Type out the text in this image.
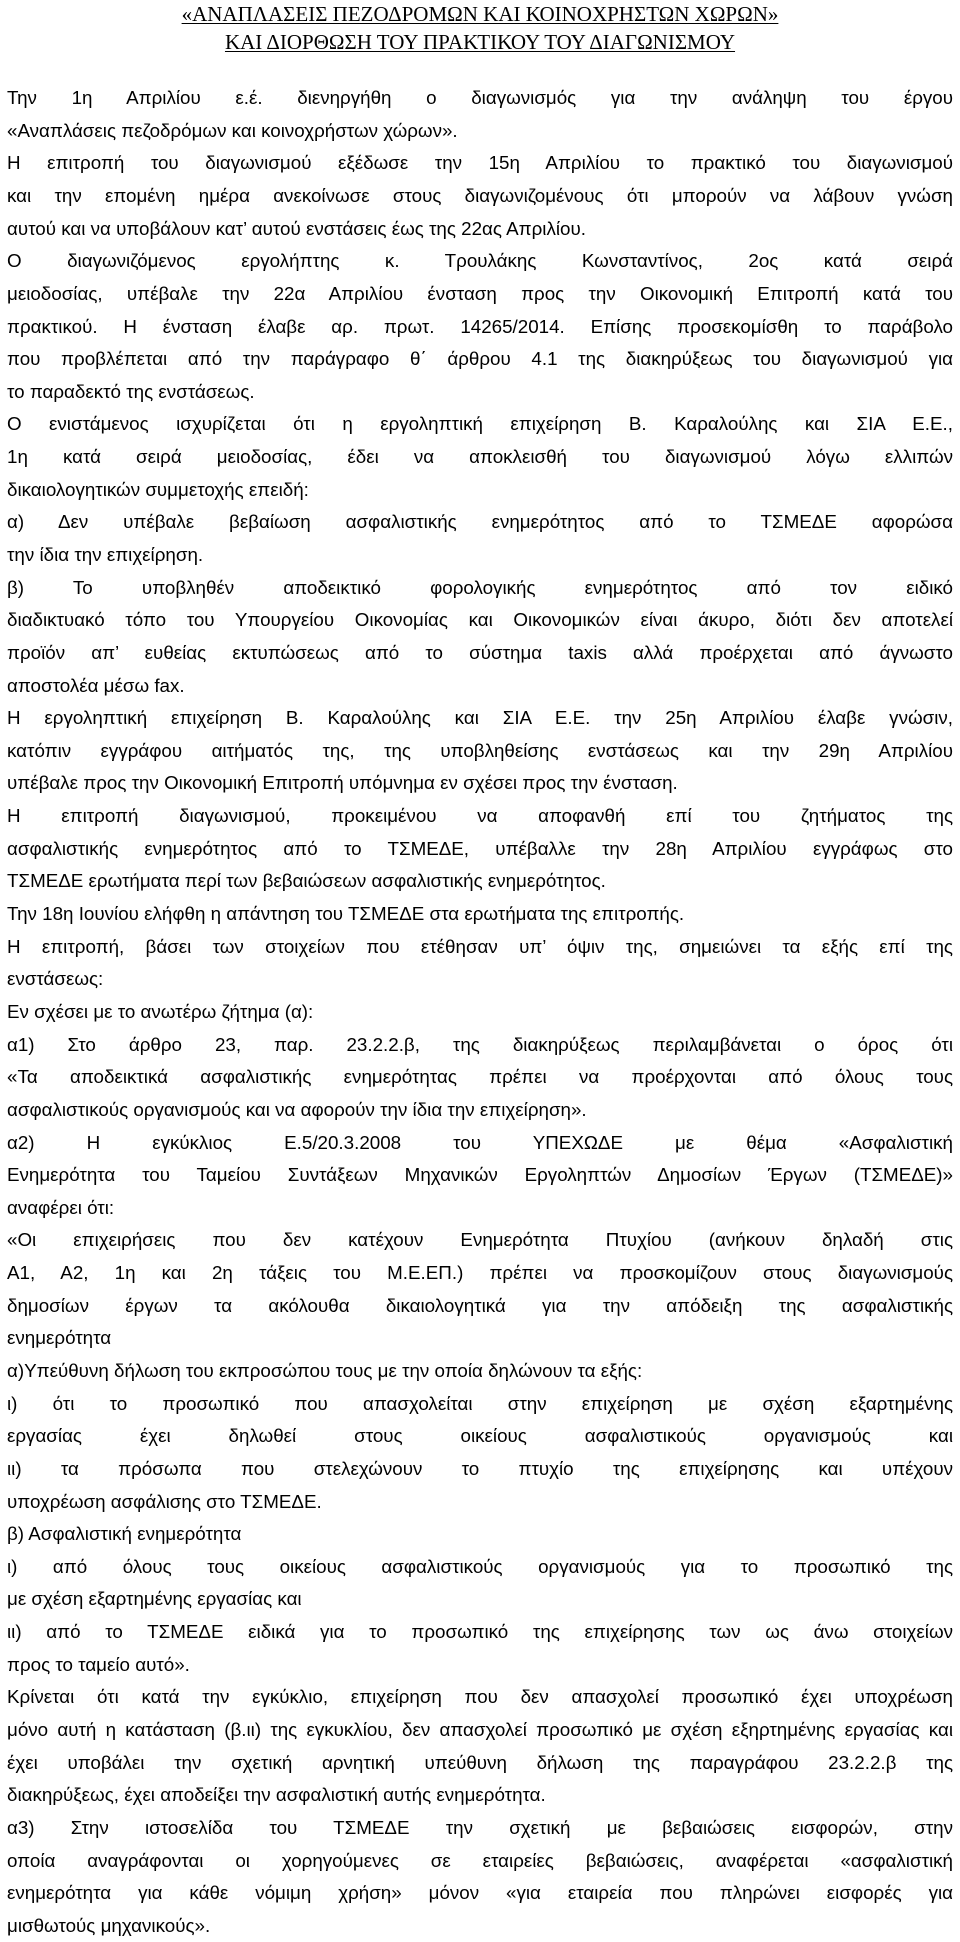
«ΑΝΑΠΛΑΣΕΙΣ ΠΕΖΟΔΡΟΜΩΝ ΚΑΙ ΚΟΙΝΟΧΡΗΣΤΩΝ ΧΩΡΩΝ»
ΚΑΙ ΔΙΟΡΘΩΣΗ ΤΟΥ ΠΡΑΚΤΙΚΟΥ ΤΟΥ ΔΙΑΓΩΝΙΣΜΟΥ
Την 1η Απριλίου ε.έ. διενηργήθη ο διαγωνισμός για την ανάληψη του έργου
«Αναπλάσεις πεζοδρόμων και κοινοχρήστων χώρων».
Η επιτροπή του διαγωνισμού εξέδωσε την 15η Απριλίου το πρακτικό του διαγωνισμού
και την επομένη ημέρα ανεκοίνωσε στους διαγωνιζομένους ότι μπορούν να λάβουν γνώση
αυτού και να υποβάλουν κατ’ αυτού ενστάσεις έως της 22ας Απριλίου.
Ο διαγωνιζόμενος εργολήπτης κ. Τρουλάκης Κωνσταντίνος, 2ος κατά σειρά
μειοδοσίας, υπέβαλε την 22α Απριλίου ένσταση προς την Οικονομική Επιτροπή κατά του
πρακτικού. Η ένσταση έλαβε αρ. πρωτ. 14265/2014. Επίσης προσεκομίσθη το παράβολο
που προβλέπεται από την παράγραφο θ΄ άρθρου 4.1 της διακηρύξεως του διαγωνισμού για
το παραδεκτό της ενστάσεως.
Ο ενιστάμενος ισχυρίζεται ότι η εργοληπτική επιχείρηση Β. Καραλούλης και ΣΙΑ Ε.Ε.,
1η κατά σειρά μειοδοσίας, έδει να αποκλεισθή του διαγωνισμού λόγω ελλιπών
δικαιολογητικών συμμετοχής επειδή:
α) Δεν υπέβαλε βεβαίωση ασφαλιστικής ενημερότητος από το ΤΣΜΕΔΕ αφορώσα
την ίδια την επιχείρηση.
β) Το υποβληθέν αποδεικτικό φορολογικής ενημερότητος από τον ειδικό
διαδικτυακό τόπο του Υπουργείου Οικονομίας και Οικονομικών είναι άκυρο, διότι δεν αποτελεί
προϊόν απ’ ευθείας εκτυπώσεως από το σύστημα taxis αλλά προέρχεται από άγνωστο
αποστολέα μέσω fax.
Η εργοληπτική επιχείρηση Β. Καραλούλης και ΣΙΑ Ε.Ε. την 25η Απριλίου έλαβε γνώσιν,
κατόπιν εγγράφου αιτήματός της, της υποβληθείσης ενστάσεως και την 29η Απριλίου
υπέβαλε προς την Οικονομική Επιτροπή υπόμνημα εν σχέσει προς την ένσταση.
Η επιτροπή διαγωνισμού, προκειμένου να αποφανθή επί του ζητήματος της
ασφαλιστικής ενημερότητος από το ΤΣΜΕΔΕ, υπέβαλλε την 28η Απριλίου εγγράφως στο
ΤΣΜΕΔΕ ερωτήματα περί των βεβαιώσεων ασφαλιστικής ενημερότητος.
Την 18η Ιουνίου ελήφθη η απάντηση του ΤΣΜΕΔΕ στα ερωτήματα της επιτροπής.
Η επιτροπή, βάσει των στοιχείων που ετέθησαν υπ’ όψιν της, σημειώνει τα εξής επί της
ενστάσεως:
Εν σχέσει με το ανωτέρω ζήτημα (α):
α1) Στο άρθρο 23, παρ. 23.2.2.β, της διακηρύξεως περιλαμβάνεται ο όρος ότι
«Τα αποδεικτικά ασφαλιστικής ενημερότητας πρέπει να προέρχονται από όλους τους
ασφαλιστικούς οργανισμούς και να αφορούν την ίδια την επιχείρηση».
α2) Η εγκύκλιος Ε.5/20.3.2008 του ΥΠΕΧΩΔΕ με θέμα «Ασφαλιστική
Ενημερότητα του Ταμείου Συντάξεων Μηχανικών Εργοληπτών Δημοσίων Έργων (ΤΣΜΕΔΕ)»
αναφέρει ότι:
«Οι επιχειρήσεις που δεν κατέχουν Ενημερότητα Πτυχίου (ανήκουν δηλαδή στις
Α1, Α2, 1η και 2η τάξεις του Μ.Ε.ΕΠ.) πρέπει να προσκομίζουν στους διαγωνισμούς
δημοσίων έργων τα ακόλουθα δικαιολογητικά για την απόδειξη της ασφαλιστικής
ενημερότητα
α)Υπεύθυνη δήλωση του εκπροσώπου τους με την οποία δηλώνουν τα εξής:
ι) ότι το προσωπικό που απασχολείται στην επιχείρηση με σχέση εξαρτημένης
εργασίας έχει δηλωθεί στους οικείους ασφαλιστικούς οργανισμούς και
ιι) τα πρόσωπα που στελεχώνουν το πτυχίο της επιχείρησης και υπέχουν
υποχρέωση ασφάλισης στο ΤΣΜΕΔΕ.
β) Ασφαλιστική ενημερότητα
ι) από όλους τους οικείους ασφαλιστικούς οργανισμούς για το προσωπικό της
με σχέση εξαρτημένης εργασίας και
ιι) από το ΤΣΜΕΔΕ ειδικά για το προσωπικό της επιχείρησης των ως άνω στοιχείων
προς το ταμείο αυτό».
Κρίνεται ότι κατά την εγκύκλιο, επιχείρηση που δεν απασχολεί προσωπικό έχει υποχρέωση
μόνο αυτή η κατάσταση (β.ιι) της εγκυκλίου, δεν απασχολεί προσωπικό με σχέση εξηρτημένης εργασίας και
έχει υποβάλει την σχετική αρνητική υπεύθυνη δήλωση της παραγράφου 23.2.2.β της
διακηρύξεως, έχει αποδείξει την ασφαλιστική αυτής ενημερότητα.
α3) Στην ιστοσελίδα του ΤΣΜΕΔΕ την σχετική με βεβαιώσεις εισφορών, στην
οποία αναγράφονται οι χορηγούμενες σε εταιρείες βεβαιώσεις, αναφέρεται «ασφαλιστική
ενημερότητα για κάθε νόμιμη χρήση» μόνον «για εταιρεία που πληρώνει εισφορές για
μισθωτούς μηχανικούς».
